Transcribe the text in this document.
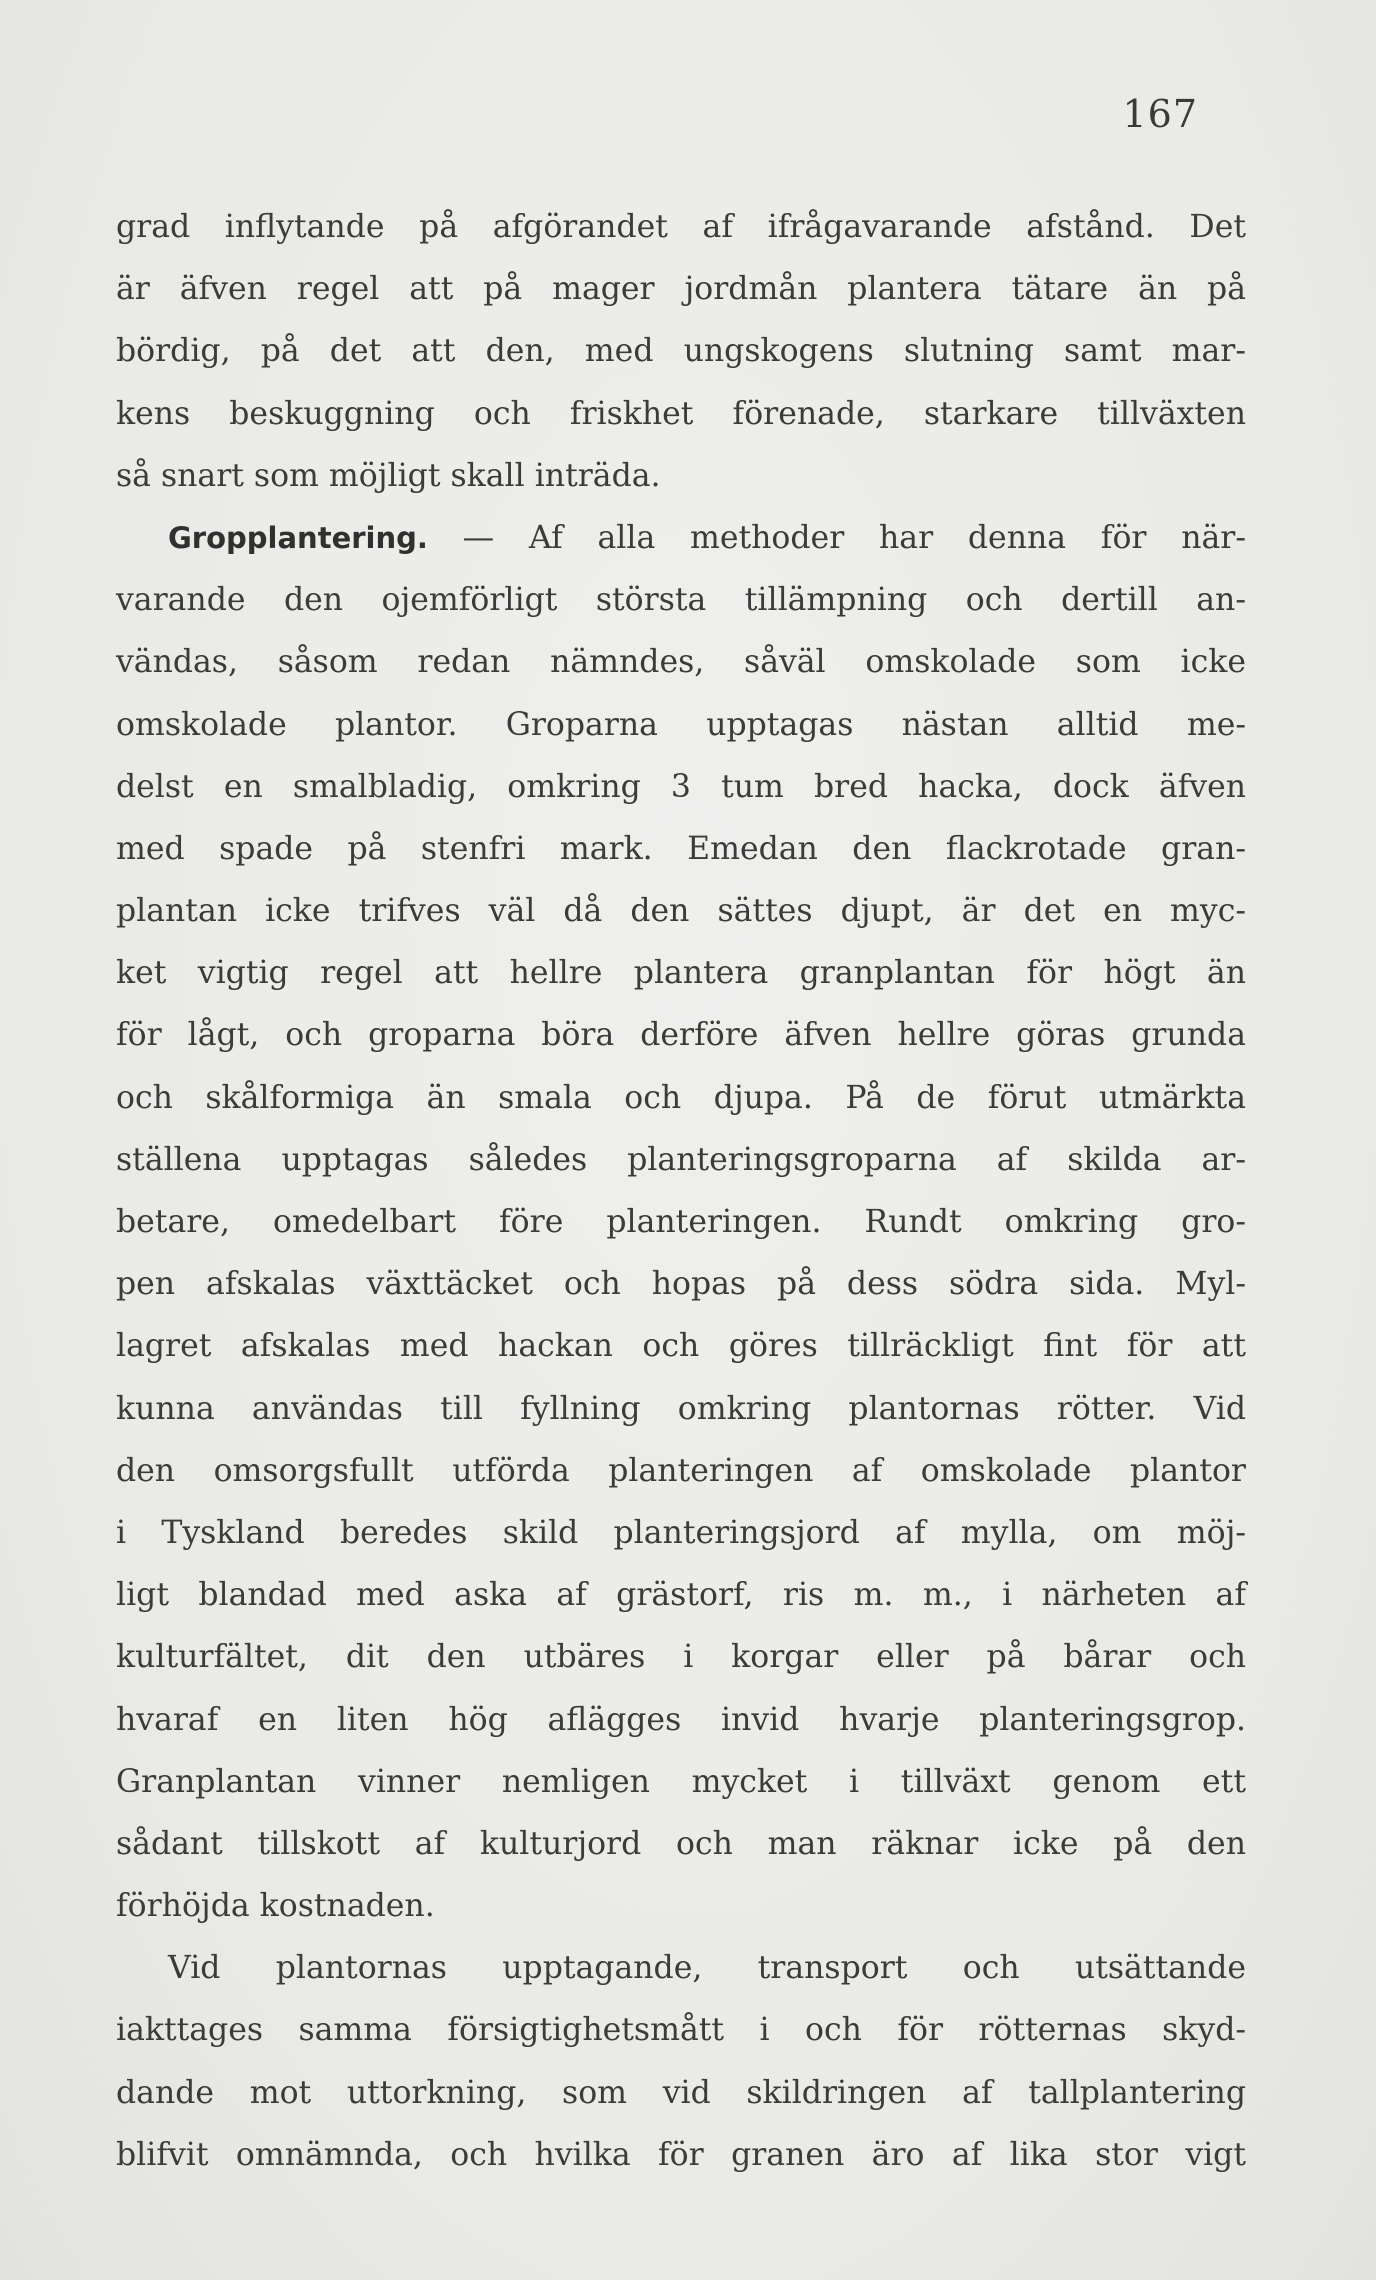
167
grad inflytande på afgörandet af ifrågavarande afstånd. Det
är äfven regel att på mager jordmån plantera tätare än på
bördig, på det att den, med ungskogens slutning samt mar-
kens beskuggning och friskhet förenade, starkare tillväxten
så snart som möjligt skall inträda.
Gropplantering. — Af alla methoder har denna för när-
varande den ojemförligt största tillämpning och dertill an-
vändas, såsom redan nämndes, såväl omskolade som icke
omskolade plantor. Groparna upptagas nästan alltid me-
delst en smalbladig, omkring 3 tum bred hacka, dock äfven
med spade på stenfri mark. Emedan den flackrotade gran-
plantan icke trifves väl då den sättes djupt, är det en myc-
ket vigtig regel att hellre plantera granplantan för högt än
för lågt, och groparna böra derföre äfven hellre göras grunda
och skålformiga än smala och djupa. På de förut utmärkta
ställena upptagas således planteringsgroparna af skilda ar-
betare, omedelbart före planteringen. Rundt omkring gro-
pen afskalas växttäcket och hopas på dess södra sida. Myl-
lagret afskalas med hackan och göres tillräckligt fint för att
kunna användas till fyllning omkring plantornas rötter. Vid
den omsorgsfullt utförda planteringen af omskolade plantor
i Tyskland beredes skild planteringsjord af mylla, om möj-
ligt blandad med aska af grästorf, ris m. m., i närheten af
kulturfältet, dit den utbäres i korgar eller på bårar och
hvaraf en liten hög aflägges invid hvarje planteringsgrop.
Granplantan vinner nemligen mycket i tillväxt genom ett
sådant tillskott af kulturjord och man räknar icke på den
förhöjda kostnaden.
Vid plantornas upptagande, transport och utsättande
iakttages samma försigtighetsmått i och för rötternas skyd-
dande mot uttorkning, som vid skildringen af tallplantering
blifvit omnämnda, och hvilka för granen äro af lika stor vigt
